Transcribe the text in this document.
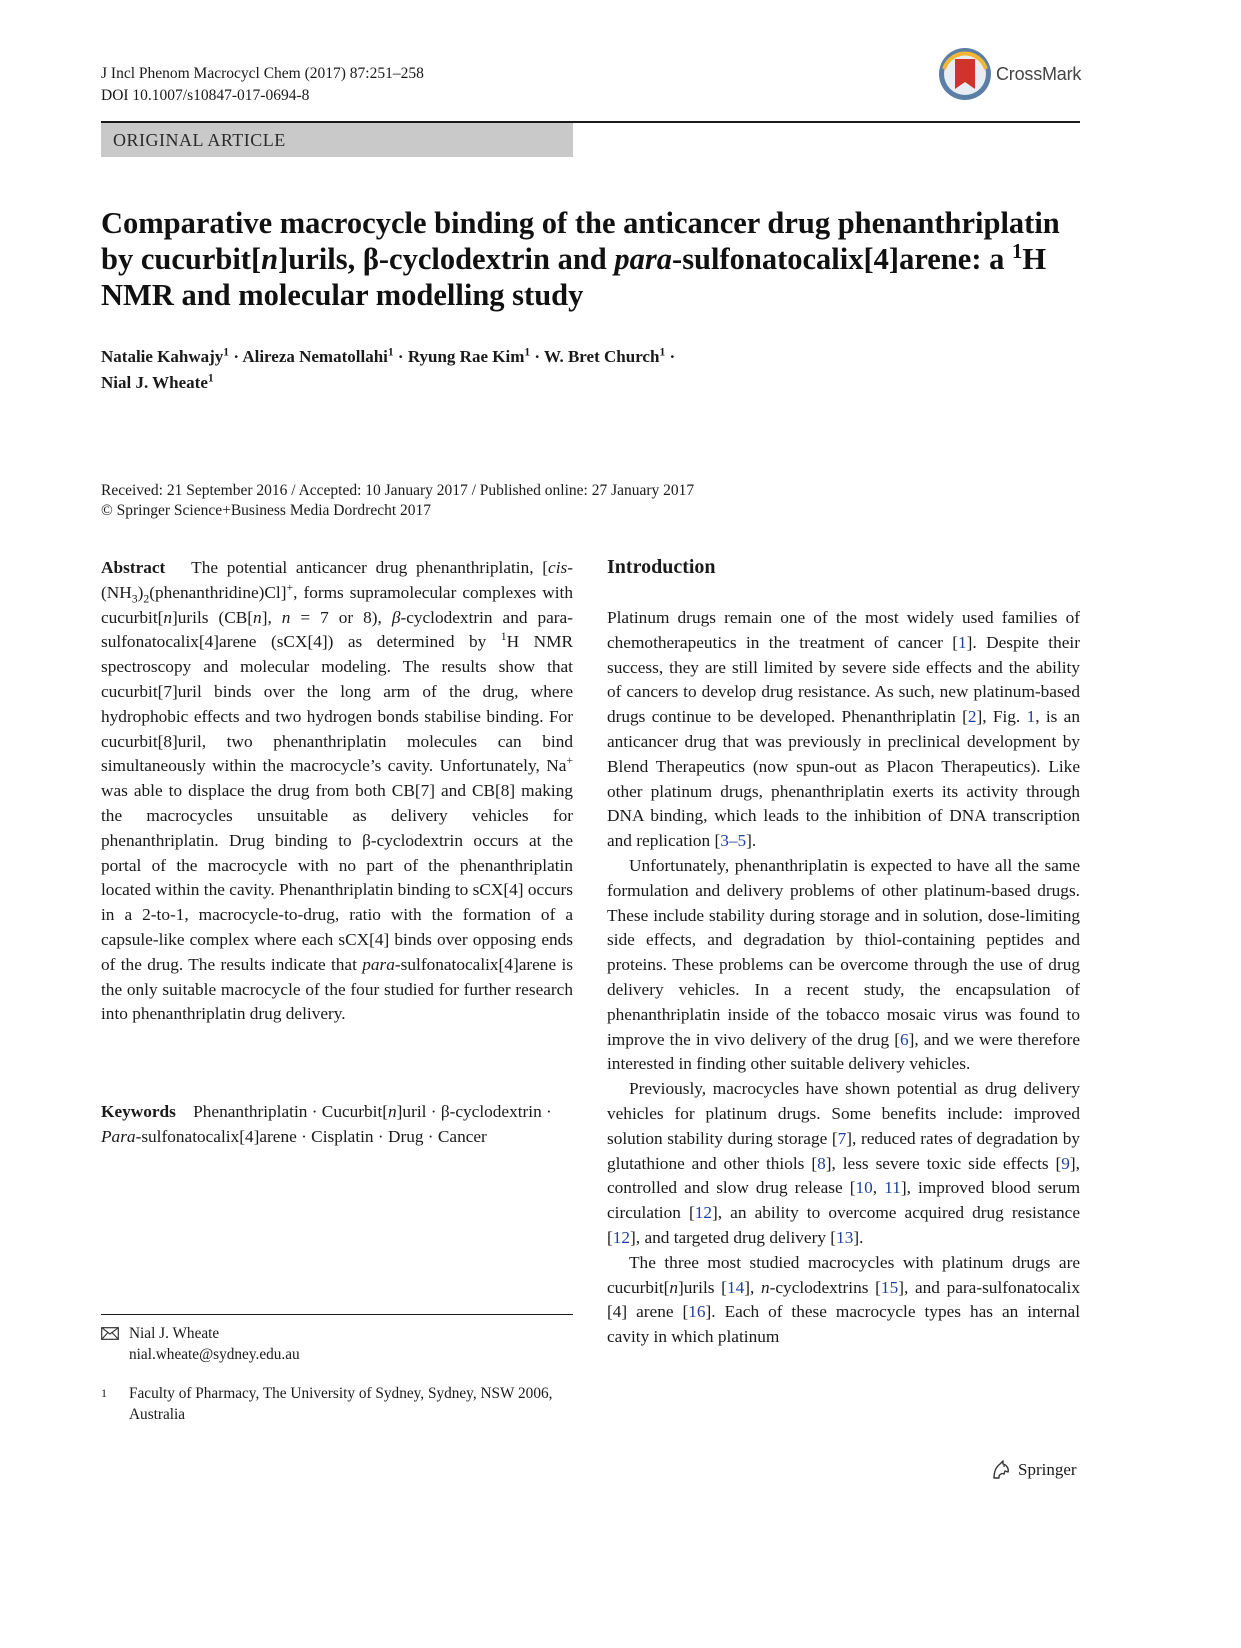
J Incl Phenom Macrocycl Chem (2017) 87:251–258
DOI 10.1007/s10847-017-0694-8
CrossMark
ORIGINAL ARTICLE
Comparative macrocycle binding of the anticancer drug phenanthriplatin by cucurbit[n]urils, β-cyclodextrin and para-sulfonatocalix[4]arene: a $^1$H NMR and molecular modelling study
Natalie Kahwajy$^1$ · Alireza Nematollahi$^1$ · Ryung Rae Kim$^1$ · W. Bret Church$^1$ ·
Nial J. Wheate$^1$
Received: 21 September 2016 / Accepted: 10 January 2017 / Published online: 27 January 2017
© Springer Science+Business Media Dordrecht 2017
Abstract The potential anticancer drug phenanthriplatin, $[cis-(NH_3)_2(phenanthridine)Cl]^+$, forms supramolecular complexes with cucurbit[n]urils (CB[n], n = 7 or 8), β-cyclodextrin and para-sulfonatocalix[4]arene (sCX[4]) as determined by $^1$H NMR spectroscopy and molecular modeling. The results show that cucurbit[7]uril binds over the long arm of the drug, where hydrophobic effects and two hydrogen bonds stabilise binding. For cucurbit[8]uril, two phenanthriplatin molecules can bind simultaneously within the macrocycle’s cavity. Unfortunately, Na+ was able to displace the drug from both CB[7] and CB[8] making the macrocycles unsuitable as delivery vehicles for phenanthriplatin. Drug binding to β-cyclodextrin occurs at the portal of the macrocycle with no part of the phenanthriplatin located within the cavity. Phenanthriplatin binding to sCX[4] occurs in a 2-to-1, macrocycle-to-drug, ratio with the formation of a capsule-like complex where each sCX[4] binds over opposing ends of the drug. The results indicate that para-sulfonatocalix[4]arene is the only suitable macrocycle of the four studied for further research into phenanthriplatin drug delivery.
Keywords Phenanthriplatin · Cucurbit[n]uril · β-cyclodextrin · Para-sulfonatocalix[4]arene · Cisplatin · Drug · Cancer
Nial J. Wheate
nial.wheate@sydney.edu.au
1	Faculty of Pharmacy, The University of Sydney, Sydney, NSW 2006, Australia
Introduction

Platinum drugs remain one of the most widely used families of chemotherapeutics in the treatment of cancer [1]. Despite their success, they are still limited by severe side effects and the ability of cancers to develop drug resistance. As such, new platinum-based drugs continue to be developed. Phenanthriplatin [2], Fig. 1, is an anticancer drug that was previously in preclinical development by Blend Therapeutics (now spun-out as Placon Therapeutics). Like other platinum drugs, phenanthriplatin exerts its activity through DNA binding, which leads to the inhibition of DNA transcription and replication [3–5].

Unfortunately, phenanthriplatin is expected to have all the same formulation and delivery problems of other platinum-based drugs. These include stability during storage and in solution, dose-limiting side effects, and degradation by thiol-containing peptides and proteins. These problems can be overcome through the use of drug delivery vehicles. In a recent study, the encapsulation of phenanthriplatin inside of the tobacco mosaic virus was found to improve the in vivo delivery of the drug [6], and we were therefore interested in finding other suitable delivery vehicles.

Previously, macrocycles have shown potential as drug delivery vehicles for platinum drugs. Some benefits include: improved solution stability during storage [7], reduced rates of degradation by glutathione and other thiols [8], less severe toxic side effects [9], controlled and slow drug release [10, 11], improved blood serum circulation [12], an ability to overcome acquired drug resistance [12], and targeted drug delivery [13].

The three most studied macrocycles with platinum drugs are cucurbit[n]urils [14], n-cyclodextrins [15], and para-sulfonatocalix [4] arene [16]. Each of these macrocycle types has an internal cavity in which platinum

Springer
